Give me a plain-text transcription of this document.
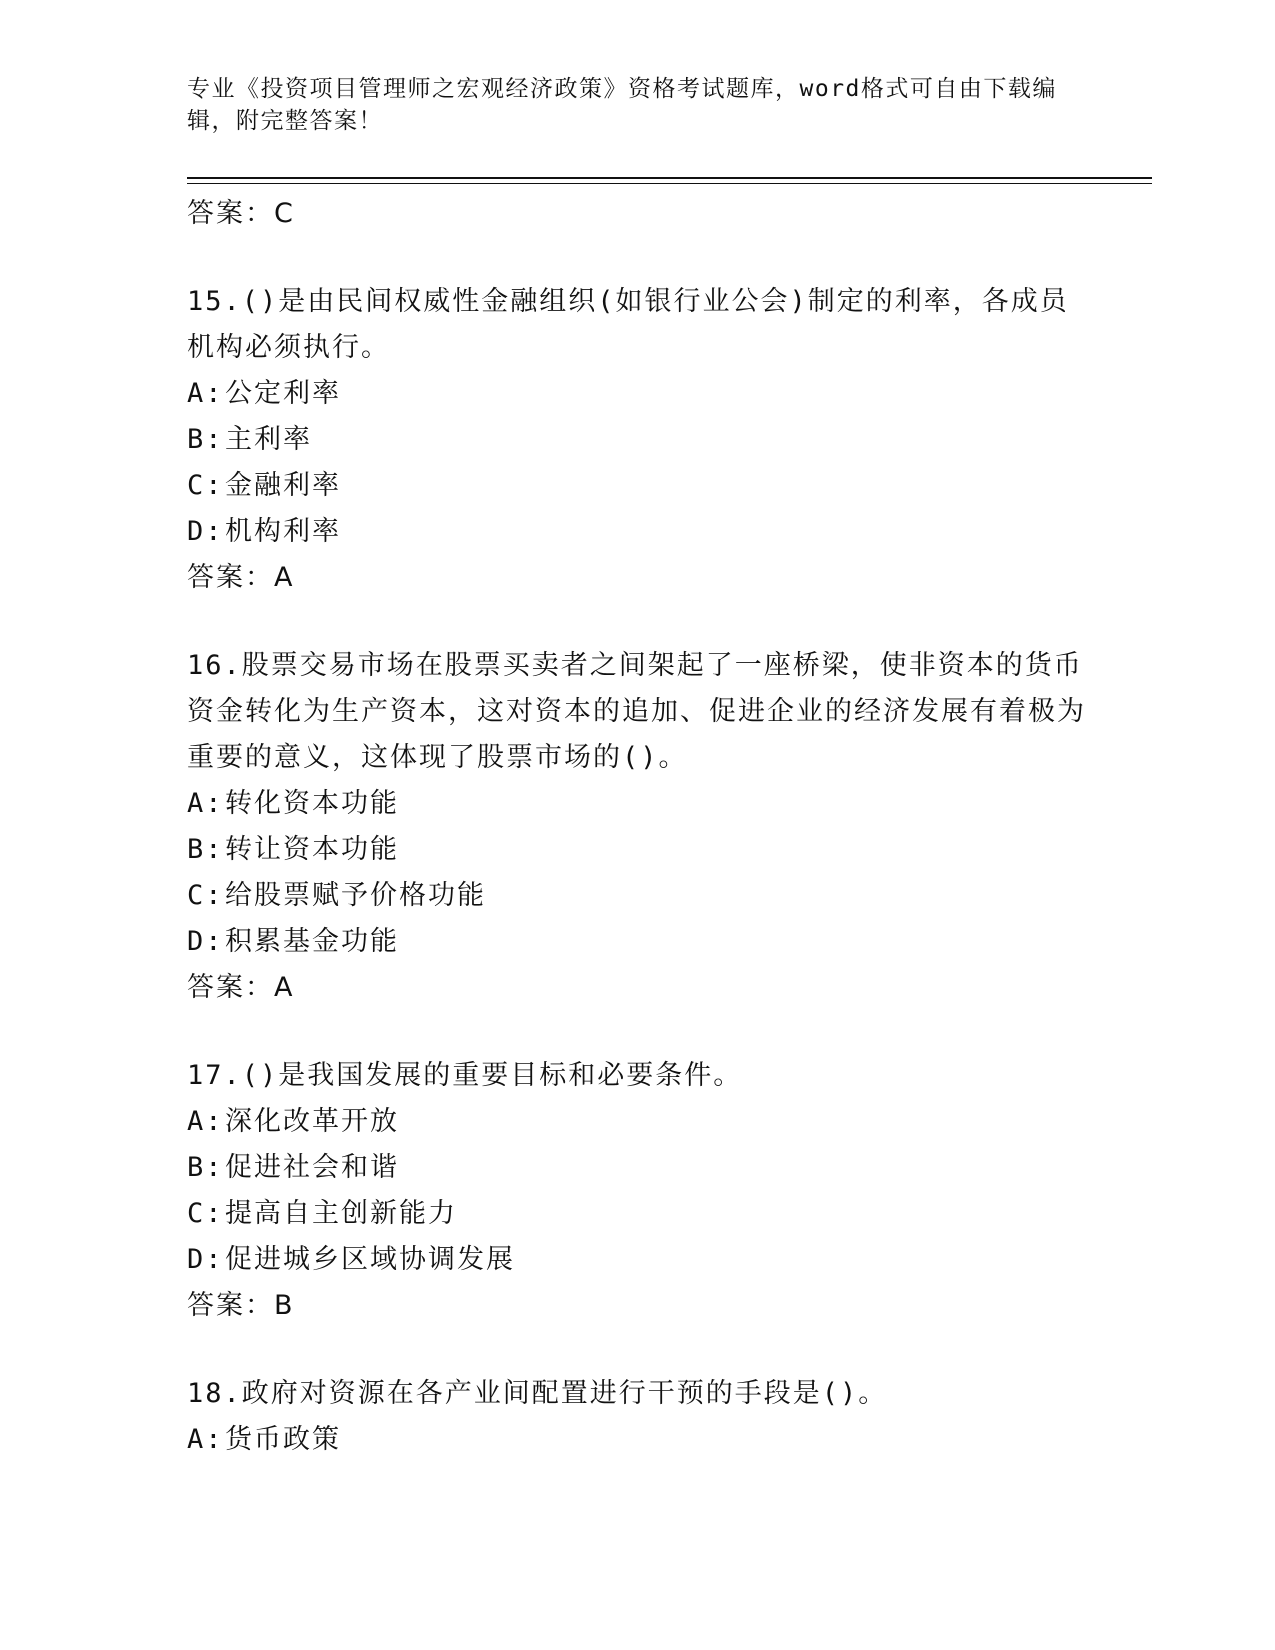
专业《投资项目管理师之宏观经济政策》资格考试题库，word格式可自由下载编辑，附完整答案！

答案：C

15.()是由民间权威性金融组织(如银行业公会)制定的利率，各成员机构必须执行。

A:公定利率
B:主利率
C:金融利率
D:机构利率

答案：A

16.股票交易市场在股票买卖者之间架起了一座桥梁，使非资本的货币资金转化为生产资本，这对资本的追加、促进企业的经济发展有着极为重要的意义，这体现了股票市场的()。

A:转化资本功能
B:转让资本功能
C:给股票赋予价格功能
D:积累基金功能

答案：A

17.()是我国发展的重要目标和必要条件。

A:深化改革开放
B:促进社会和谐
C:提高自主创新能力
D:促进城乡区域协调发展

答案：B

18.政府对资源在各产业间配置进行干预的手段是()。

A:货币政策
